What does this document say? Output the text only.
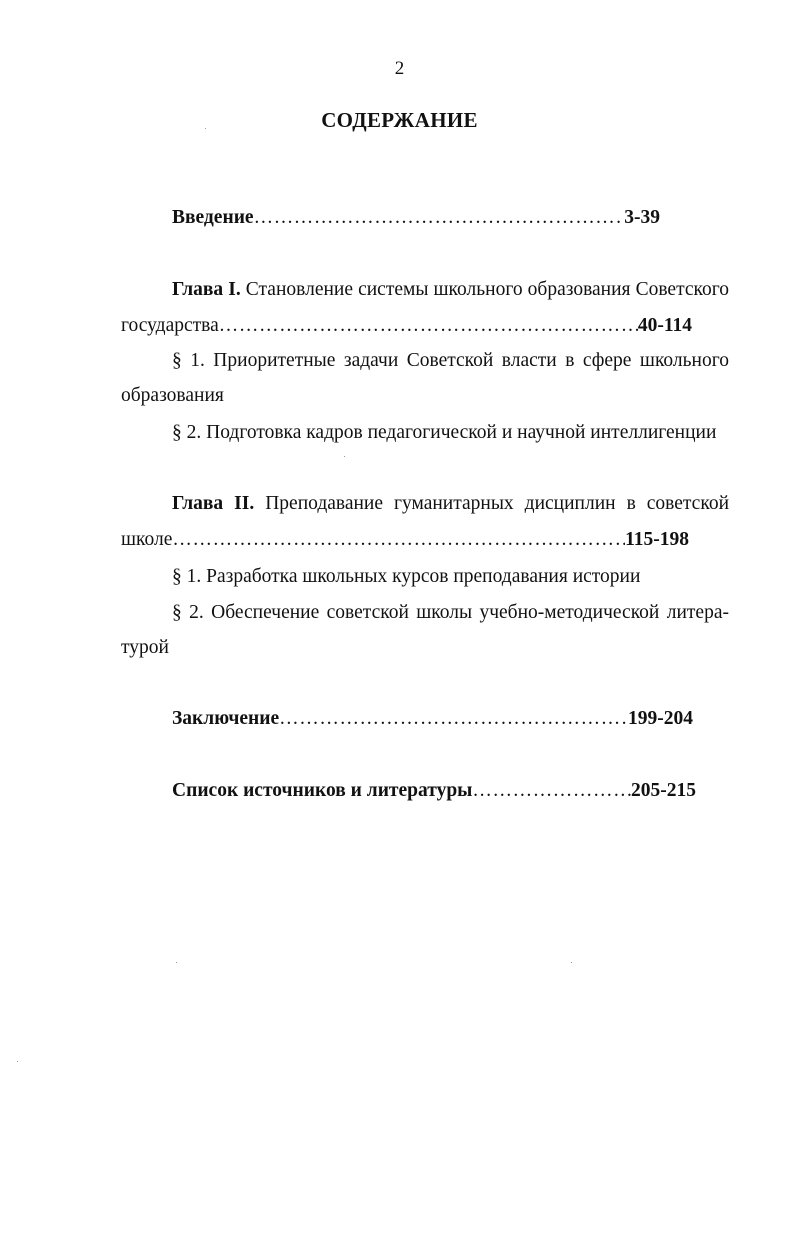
2
СОДЕРЖАНИЕ
Введение …………………………………………………………………………………………………………………………………………………………………………………………………………	3-39
Глава I. Становление системы школьного образования Советского
государства …………………………………………………………………………………………………………………………………………………………………………………………………………	40-114
§ 1. Приоритетные задачи Советской власти в сфере школьного
образования
§ 2. Подготовка кадров педагогической и научной интеллигенции
Глава II. Преподавание гуманитарных дисциплин в советской
школе …………………………………………………………………………………………………………………………………………………………………………………………………………	115-198
§ 1. Разработка школьных курсов преподавания истории
§ 2. Обеспечение советской школы учебно-методической литера-
турой
Заключение …………………………………………………………………………………………………………………………………………………………………………………………………………	199-204
Список источников и литературы …………………………………………………………………………………………………………………………………………………………………………………………………………	205-215
